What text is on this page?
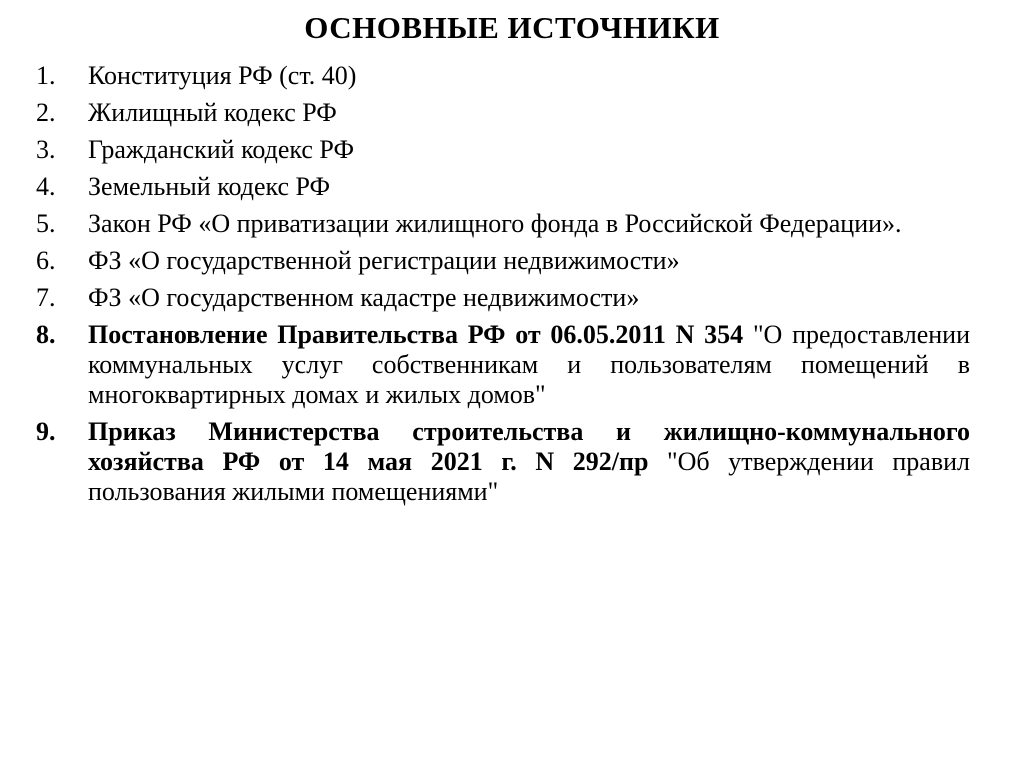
ОСНОВНЫЕ ИСТОЧНИКИ
1. Конституция РФ (ст. 40)
2. Жилищный кодекс РФ
3. Гражданский кодекс РФ
4. Земельный кодекс РФ
5. Закон РФ «О приватизации жилищного фонда в Российской Федерации».
6. ФЗ «О государственной регистрации недвижимости»
7. ФЗ «О государственном кадастре недвижимости»
8. Постановление Правительства РФ от 06.05.2011 N 354 "О предоставлении коммунальных услуг собственникам и пользователям помещений в многоквартирных домах и жилых домов"
9. Приказ Министерства строительства и жилищно-коммунального хозяйства РФ от 14 мая 2021 г. N 292/пр "Об утверждении правил пользования жилыми помещениями"
